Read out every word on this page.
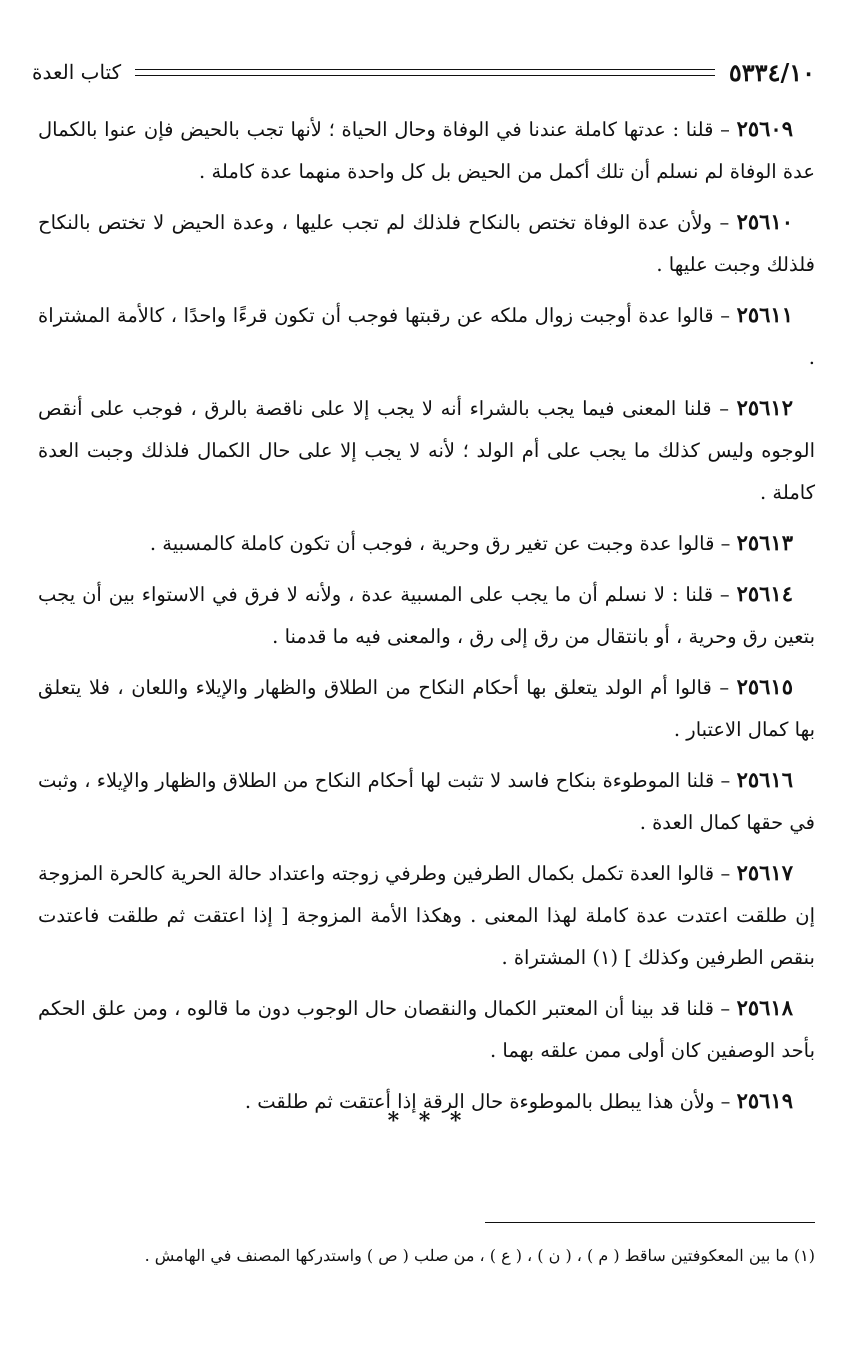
٥٣٣٤/١٠
كتاب العدة

٢٥٦٠٩ – قلنا : عدتها كاملة عندنا في الوفاة وحال الحياة ؛ لأنها تجب بالحيض فإن عنوا بالكمال عدة الوفاة لم نسلم أن تلك أكمل من الحيض بل كل واحدة منهما عدة كاملة .

٢٥٦١٠ – ولأن عدة الوفاة تختص بالنكاح فلذلك لم تجب عليها ، وعدة الحيض لا تختص بالنكاح فلذلك وجبت عليها .

٢٥٦١١ – قالوا عدة أوجبت زوال ملكه عن رقبتها فوجب أن تكون قرءًا واحدًا ، كالأمة المشتراة .

٢٥٦١٢ – قلنا المعنى فيما يجب بالشراء أنه لا يجب إلا على ناقصة بالرق ، فوجب على أنقص الوجوه وليس كذلك ما يجب على أم الولد ؛ لأنه لا يجب إلا على حال الكمال فلذلك وجبت العدة كاملة .

٢٥٦١٣ – قالوا عدة وجبت عن تغير رق وحرية ، فوجب أن تكون كاملة كالمسبية .

٢٥٦١٤ – قلنا : لا نسلم أن ما يجب على المسبية عدة ، ولأنه لا فرق في الاستواء بين أن يجب بتعين رق وحرية ، أو بانتقال من رق إلى رق ، والمعنى فيه ما قدمنا .

٢٥٦١٥ – قالوا أم الولد يتعلق بها أحكام النكاح من الطلاق والظهار والإيلاء واللعان ، فلا يتعلق بها كمال الاعتبار .

٢٥٦١٦ – قلنا الموطوءة بنكاح فاسد لا تثبت لها أحكام النكاح من الطلاق والظهار والإيلاء ، وثبت في حقها كمال العدة .

٢٥٦١٧ – قالوا العدة تكمل بكمال الطرفين وطرفي زوجته واعتداد حالة الحرية كالحرة المزوجة إن طلقت اعتدت عدة كاملة لهذا المعنى . وهكذا الأمة المزوجة [ إذا اعتقت ثم طلقت فاعتدت بنقص الطرفين وكذلك ] (١) المشتراة .

٢٥٦١٨ – قلنا قد بينا أن المعتبر الكمال والنقصان حال الوجوب دون ما قالوه ، ومن علق الحكم بأحد الوصفين كان أولى ممن علقه بهما .

٢٥٦١٩ – ولأن هذا يبطل بالموطوءة حال الرقة إذا أعتقت ثم طلقت .

* * *
(١) ما بين المعكوفتين ساقط ( م ) ، ( ن ) ، ( ع ) ، من صلب ( ص ) واستدركها المصنف في الهامش .
